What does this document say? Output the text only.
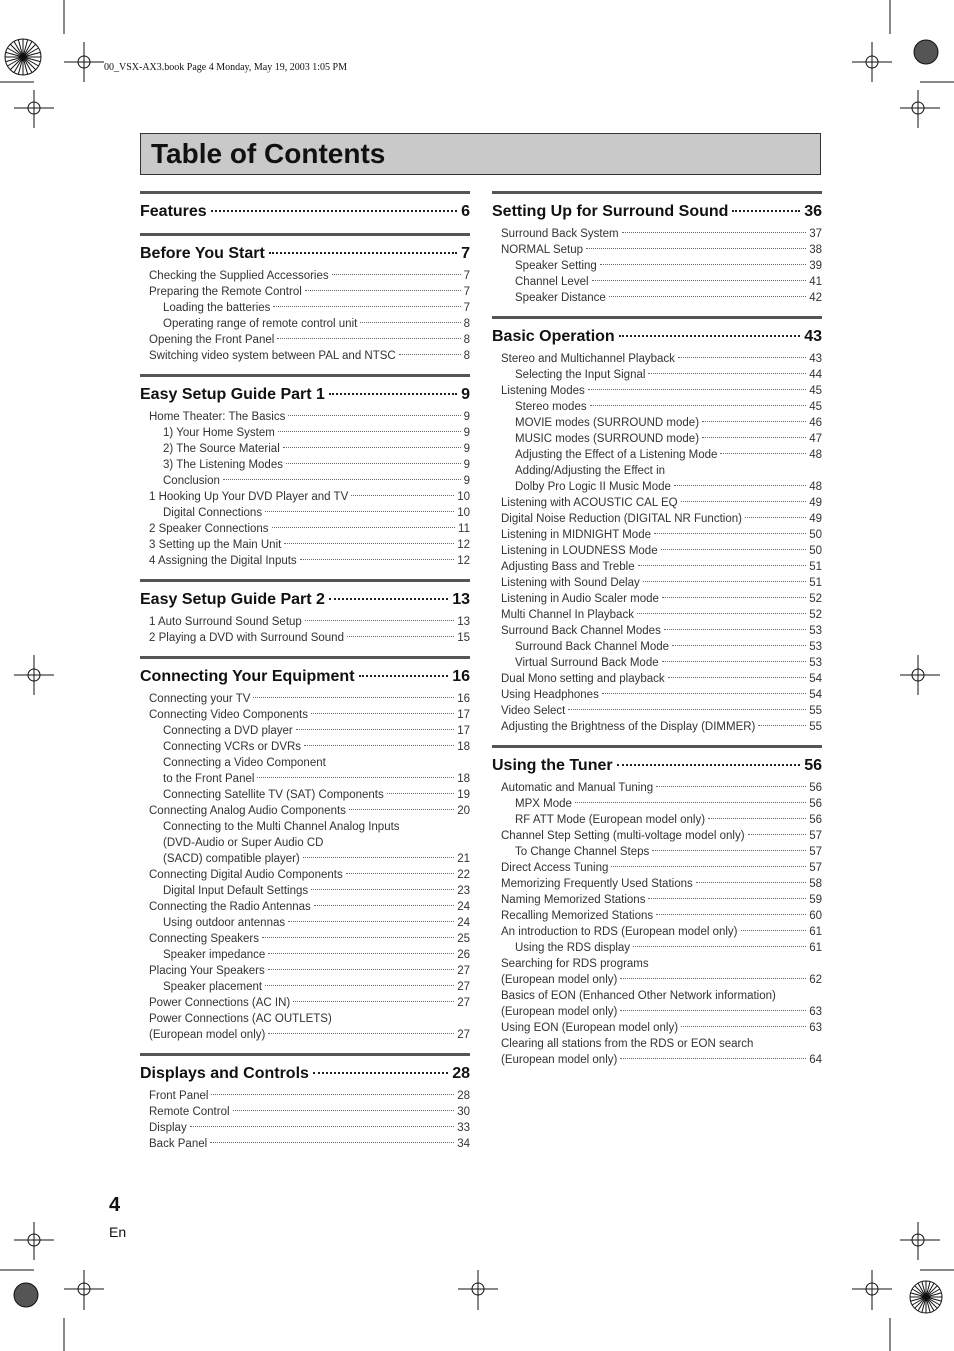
00_VSX-AX3.book Page 4 Monday, May 19, 2003 1:05 PM
Table of Contents
Features	6
Before You Start	7
Checking the Supplied Accessories	7
Preparing the Remote Control	7
Loading the batteries	7
Operating range of remote control unit	8
Opening the Front Panel	8
Switching video system between PAL and NTSC	8
Easy Setup Guide Part 1	9
Home Theater: The Basics	9
1) Your Home System	9
2) The Source Material	9
3) The Listening Modes	9
Conclusion	9
1 Hooking Up Your DVD Player and TV	10
Digital Connections	10
2 Speaker Connections	11
3 Setting up the Main Unit	12
4 Assigning the Digital Inputs	12
Easy Setup Guide Part 2	13
1 Auto Surround Sound Setup	13
2 Playing a DVD with Surround Sound	15
Connecting Your Equipment	16
Connecting your TV	16
Connecting Video Components	17
Connecting a DVD player	17
Connecting VCRs or DVRs	18
Connecting a Video Component
to the Front Panel	18
Connecting Satellite TV (SAT) Components	19
Connecting Analog Audio Components	20
Connecting to the Multi Channel Analog Inputs
(DVD-Audio or Super Audio CD
(SACD) compatible player)	21
Connecting Digital Audio Components	22
Digital Input Default Settings	23
Connecting the Radio Antennas	24
Using outdoor antennas	24
Connecting Speakers	25
Speaker impedance	26
Placing Your Speakers	27
Speaker placement	27
Power Connections (AC IN)	27
Power Connections (AC OUTLETS)
(European model only)	27
Displays and Controls	28
Front Panel	28
Remote Control	30
Display	33
Back Panel	34
Setting Up for Surround Sound	36
Surround Back System	37
NORMAL Setup	38
Speaker Setting	39
Channel Level	41
Speaker Distance	42
Basic Operation	43
Stereo and Multichannel Playback	43
Selecting the Input Signal	44
Listening Modes	45
Stereo modes	45
MOVIE modes (SURROUND mode)	46
MUSIC modes (SURROUND mode)	47
Adjusting the Effect of a Listening Mode	48
Adding/Adjusting the Effect in
Dolby Pro Logic II Music Mode	48
Listening with ACOUSTIC CAL EQ	49
Digital Noise Reduction (DIGITAL NR Function)	49
Listening in MIDNIGHT Mode	50
Listening in LOUDNESS Mode	50
Adjusting Bass and Treble	51
Listening with Sound Delay	51
Listening in Audio Scaler mode	52
Multi Channel In Playback	52
Surround Back Channel Modes	53
Surround Back Channel Mode	53
Virtual Surround Back Mode	53
Dual Mono setting and playback	54
Using Headphones	54
Video Select	55
Adjusting the Brightness of the Display (DIMMER)	55
Using the Tuner	56
Automatic and Manual Tuning	56
MPX Mode	56
RF ATT Mode (European model only)	56
Channel Step Setting (multi-voltage model only)	57
To Change Channel Steps	57
Direct Access Tuning	57
Memorizing Frequently Used Stations	58
Naming Memorized Stations	59
Recalling Memorized Stations	60
An introduction to RDS (European model only)	61
Using the RDS display	61
Searching for RDS programs
(European model only)	62
Basics of EON (Enhanced Other Network information)
(European model only)	63
Using EON (European model only)	63
Clearing all stations from the RDS or EON search
(European model only)	64
4
En
